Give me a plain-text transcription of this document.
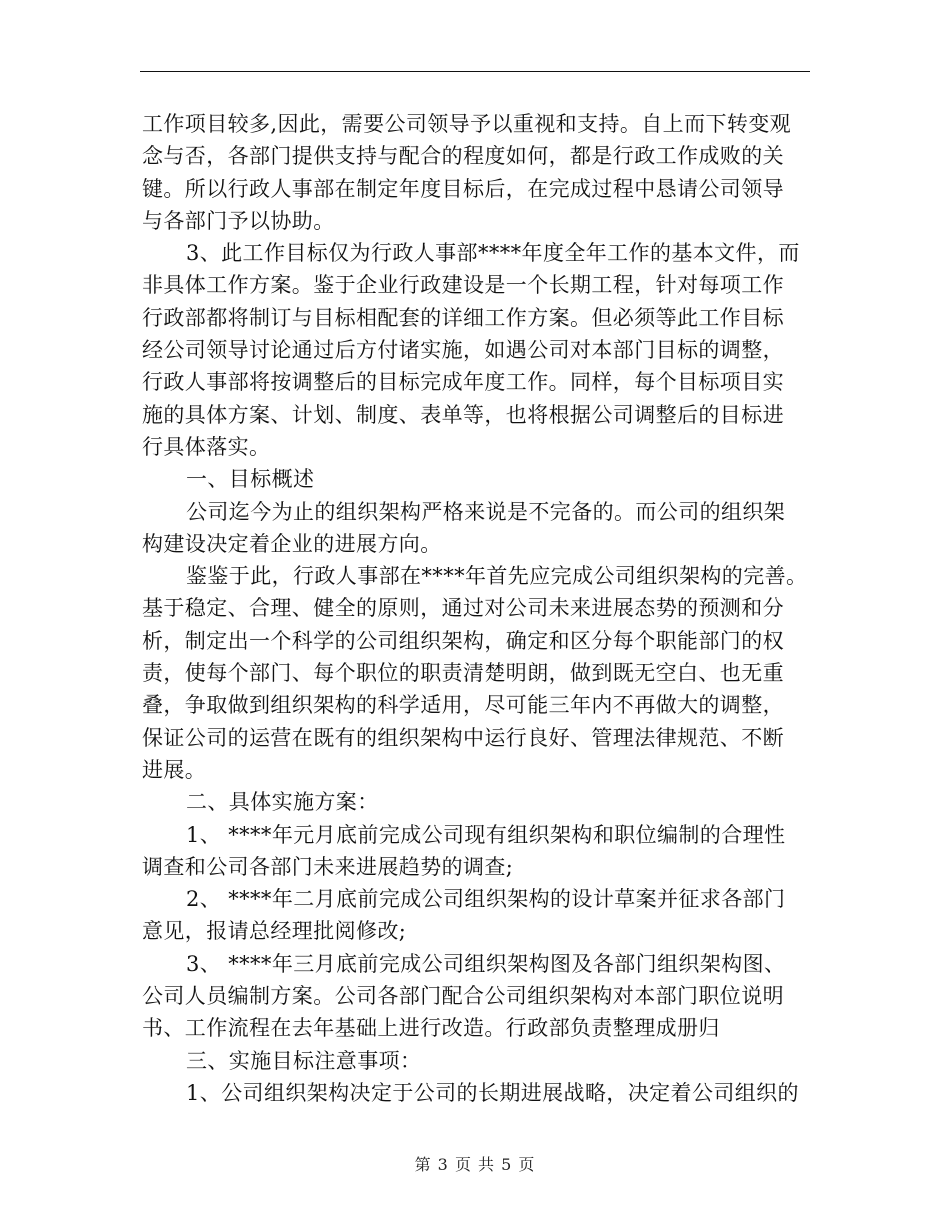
工作项目较多,因此，需要公司领导予以重视和支持。自上而下转变观
念与否，各部门提供支持与配合的程度如何，都是行政工作成败的关
键。所以行政人事部在制定年度目标后，在完成过程中恳请公司领导
与各部门予以协助。

3、此工作目标仅为行政人事部****年度全年工作的基本文件，而
非具体工作方案。鉴于企业行政建设是一个长期工程，针对每项工作
行政部都将制订与目标相配套的详细工作方案。但必须等此工作目标
经公司领导讨论通过后方付诸实施，如遇公司对本部门目标的调整，
行政人事部将按调整后的目标完成年度工作。同样，每个目标项目实
施的具体方案、计划、制度、表单等，也将根据公司调整后的目标进
行具体落实。

一、目标概述

公司迄今为止的组织架构严格来说是不完备的。而公司的组织架
构建设决定着企业的进展方向。

鉴鉴于此，行政人事部在****年首先应完成公司组织架构的完善。
基于稳定、合理、健全的原则，通过对公司未来进展态势的预测和分
析，制定出一个科学的公司组织架构，确定和区分每个职能部门的权
责，使每个部门、每个职位的职责清楚明朗，做到既无空白、也无重
叠，争取做到组织架构的科学适用，尽可能三年内不再做大的调整，
保证公司的运营在既有的组织架构中运行良好、管理法律规范、不断
进展。

二、具体实施方案：

1、 ****年元月底前完成公司现有组织架构和职位编制的合理性
调查和公司各部门未来进展趋势的调查;

2、 ****年二月底前完成公司组织架构的设计草案并征求各部门
意见，报请总经理批阅修改;

3、 ****年三月底前完成公司组织架构图及各部门组织架构图、
公司人员编制方案。公司各部门配合公司组织架构对本部门职位说明
书、工作流程在去年基础上进行改造。行政部负责整理成册归

三、实施目标注意事项：

1、公司组织架构决定于公司的长期进展战略，决定着公司组织的

第 3 页 共 5 页
